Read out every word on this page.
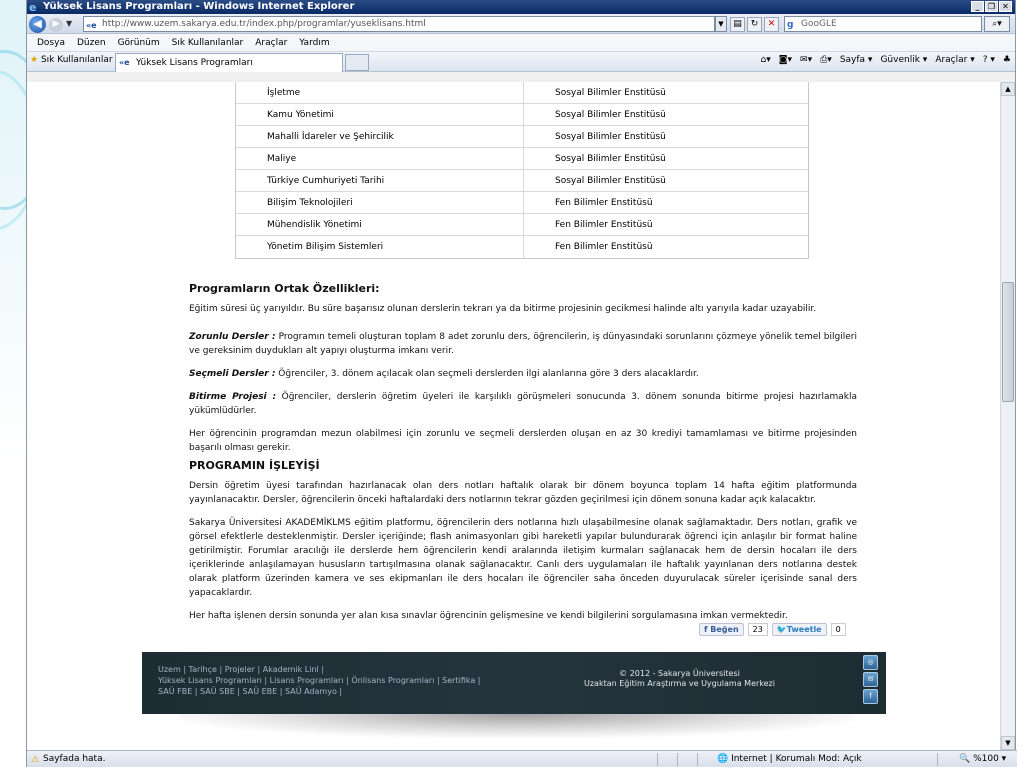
e Yüksek Lisans Programları - Windows Internet Explorer	_	❐ ✕
◀	▶ ▼ «e http://www.uzem.sakarya.edu.tr/index.php/programlar/yuseklisans.html	▼	▤ ↻	✕	g GooGLE	⌕▾
Dosya	Düzen	Görünüm	Sık Kullanılanlar	Araçlar	Yardım
★ Sık Kullanılanlar «e Yüksek Lisans Programları	⌂▾ ◙▾ ✉▾ ⎙▾ Sayfa ▾ Güvenlik ▾ Araçlar ▾ ? ▾ ♣
İşletme	Sosyal Bilimler Enstitüsü
Kamu Yönetimi	Sosyal Bilimler Enstitüsü
Mahalli İdareler ve Şehircilik	Sosyal Bilimler Enstitüsü
Maliye	Sosyal Bilimler Enstitüsü
Türkiye Cumhuriyeti Tarihi	Sosyal Bilimler Enstitüsü
Bilişim Teknolojileri	Fen Bilimler Enstitüsü
Mühendislik Yönetimi	Fen Bilimler Enstitüsü
Yönetim Bilişim Sistemleri	Fen Bilimler Enstitüsü
Programların Ortak Özellikleri:

Eğitim süresi üç yarıyıldır. Bu süre başarısız olunan derslerin tekrarı ya da bitirme projesinin gecikmesi halinde altı yarıyıla kadar uzayabilir.

Zorunlu Dersler : Programın temeli oluşturan toplam 8 adet zorunlu ders, öğrencilerin, iş dünyasındaki sorunlarını çözmeye yönelik temel bilgileri ve gereksinim duydukları alt yapıyı oluşturma imkanı verir.

Seçmeli Dersler : Öğrenciler, 3. dönem açılacak olan seçmeli derslerden ilgi alanlarına göre 3 ders alacaklardır.

Bitirme Projesi : Öğrenciler, derslerin öğretim üyeleri ile karşılıklı görüşmeleri sonucunda 3. dönem sonunda bitirme projesi hazırlamakla yükümlüdürler.

Her öğrencinin programdan mezun olabilmesi için zorunlu ve seçmeli derslerden oluşan en az 30 krediyi tamamlaması ve bitirme projesinden başarılı olması gerekir.

PROGRAMIN İŞLEYİŞİ

Dersin öğretim üyesi tarafından hazırlanacak olan ders notları haftalık olarak bir dönem boyunca toplam 14 hafta eğitim platformunda yayınlanacaktır. Dersler, öğrencilerin önceki haftalardaki ders notlarının tekrar gözden geçirilmesi için dönem sonuna kadar açık kalacaktır.

Sakarya Üniversitesi AKADEMİKLMS eğitim platformu, öğrencilerin ders notlarına hızlı ulaşabilmesine olanak sağlamaktadır. Ders notları, grafik ve görsel efektlerle desteklenmiştir. Dersler içeriğinde; flash animasyonları gibi hareketli yapılar bulundurarak öğrenci için anlaşılır bir format haline getirilmiştir. Forumlar aracılığı ile derslerde hem öğrencilerin kendi aralarında iletişim kurmaları sağlanacak hem de dersin hocaları ile ders içeriklerinde anlaşılamayan hususların tartışılmasına olanak sağlanacaktır. Canlı ders uygulamaları ile haftalık yayınlanan ders notlarına destek olarak platform üzerinden kamera ve ses ekipmanları ile ders hocaları ile öğrenciler saha önceden duyurulacak süreler içerisinde sanal ders yapacaklardır.

Her hafta işlenen dersin sonunda yer alan kısa sınavlar öğrencinin gelişmesine ve kendi bilgilerini sorgulamasına imkan vermektedir.

f Beğen	23	🐦Tweetle	0
Uzem | Tarihçe | Projeler | Akademik Linl |
Yüksek Lisans Programları | Lisans Programları | Önlisans Programları | Sertifika |
SAÜ FBE | SAÜ SBE | SAÜ EBE | SAÜ Adamyo |
© 2012 - Sakarya Üniversitesi
Uzaktan Eğitim Araştırma ve Uygulama Merkezi
◎
✉
f
▲
▼
⚠ Sayfada hata.	🌐 Internet | Korumalı Mod: Açık	🔍 %100 ▾
